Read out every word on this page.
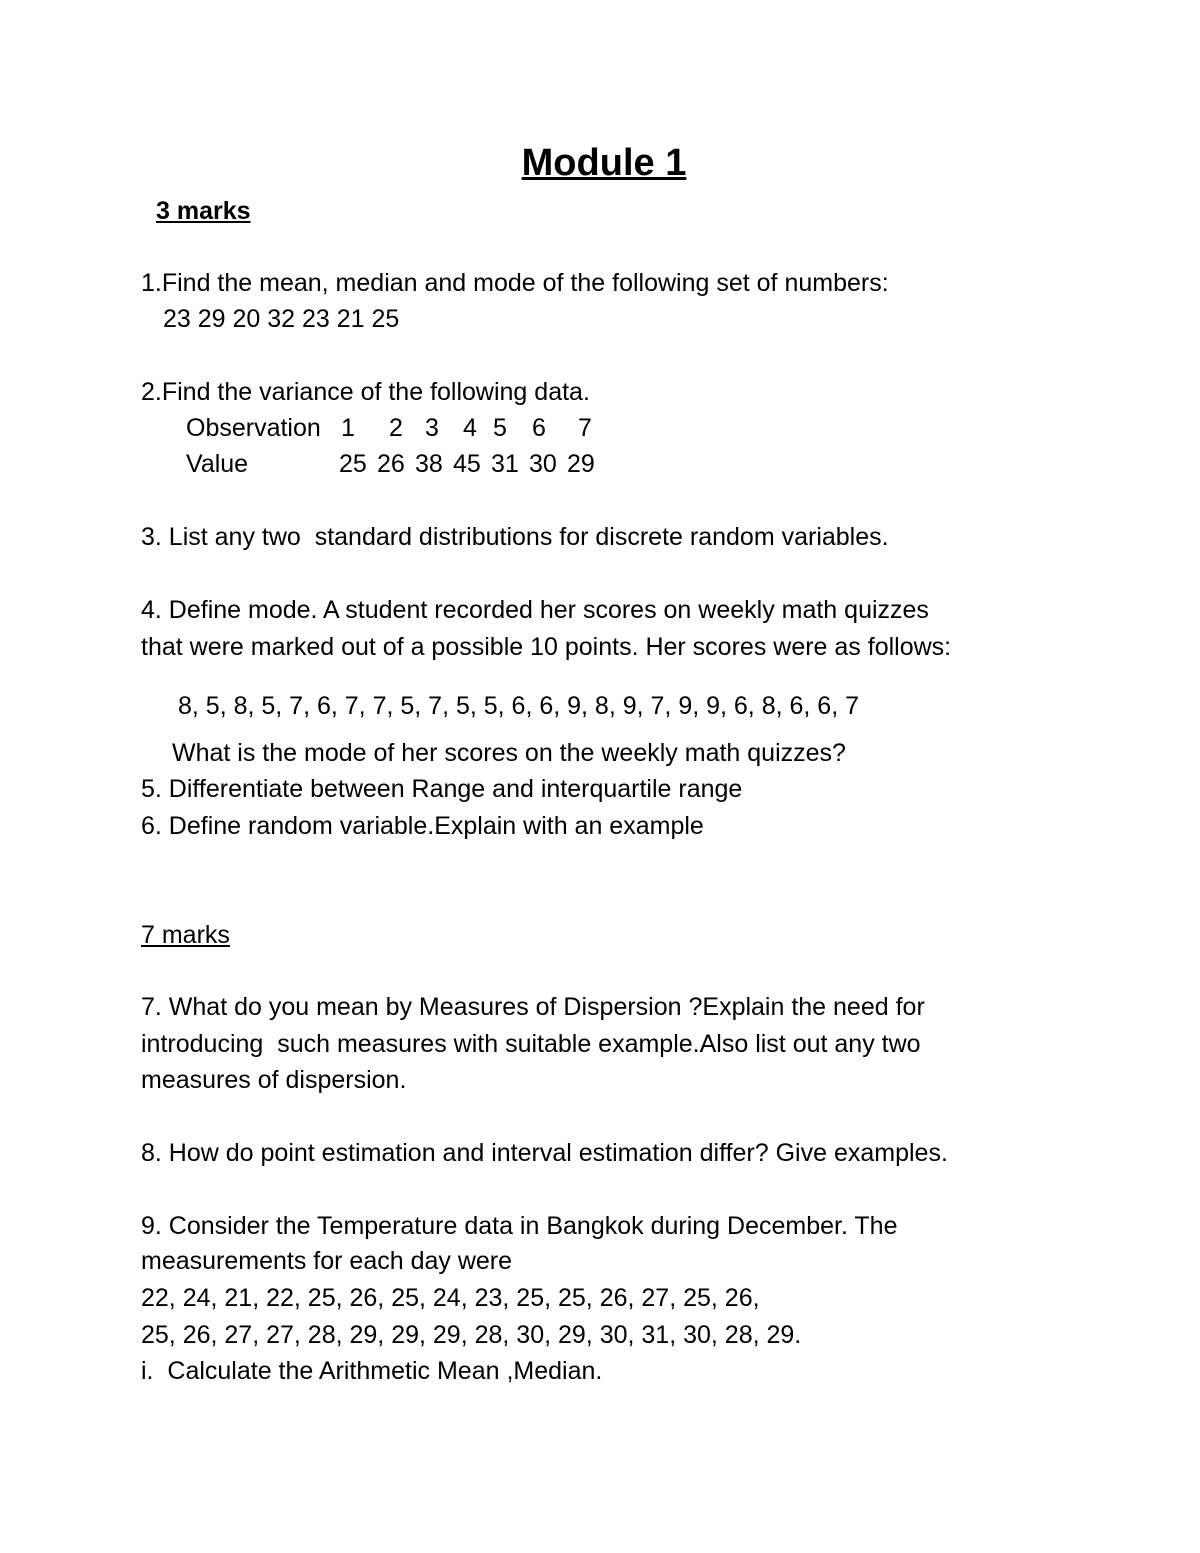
Module 1
3 marks
1.Find the mean, median and mode of the following set of numbers:
23 29 20 32 23 21 25
2.Find the variance of the following data.

Observation

1

2

3

4

5

6

7

Value

	25

26

38

45

31

30

29

3. List any two  standard distributions for discrete random variables.
4. Define mode. A student recorded her scores on weekly math quizzes
that were marked out of a possible 10 points. Her scores were as follows:
8, 5, 8, 5, 7, 6, 7, 7, 5, 7, 5, 5, 6, 6, 9, 8, 9, 7, 9, 9, 6, 8, 6, 6, 7
What is the mode of her scores on the weekly math quizzes?
5. Differentiate between Range and interquartile range
6. Define random variable.Explain with an example
7 marks
7. What do you mean by Measures of Dispersion ?Explain the need for
introducing  such measures with suitable example.Also list out any two
measures of dispersion.
8. How do point estimation and interval estimation differ? Give examples.
9. Consider the Temperature data in Bangkok during December. The
measurements for each day were
22, 24, 21, 22, 25, 26, 25, 24, 23, 25, 25, 26, 27, 25, 26,
25, 26, 27, 27, 28, 29, 29, 29, 28, 30, 29, 30, 31, 30, 28, 29.
i.  Calculate the Arithmetic Mean ,Median.
